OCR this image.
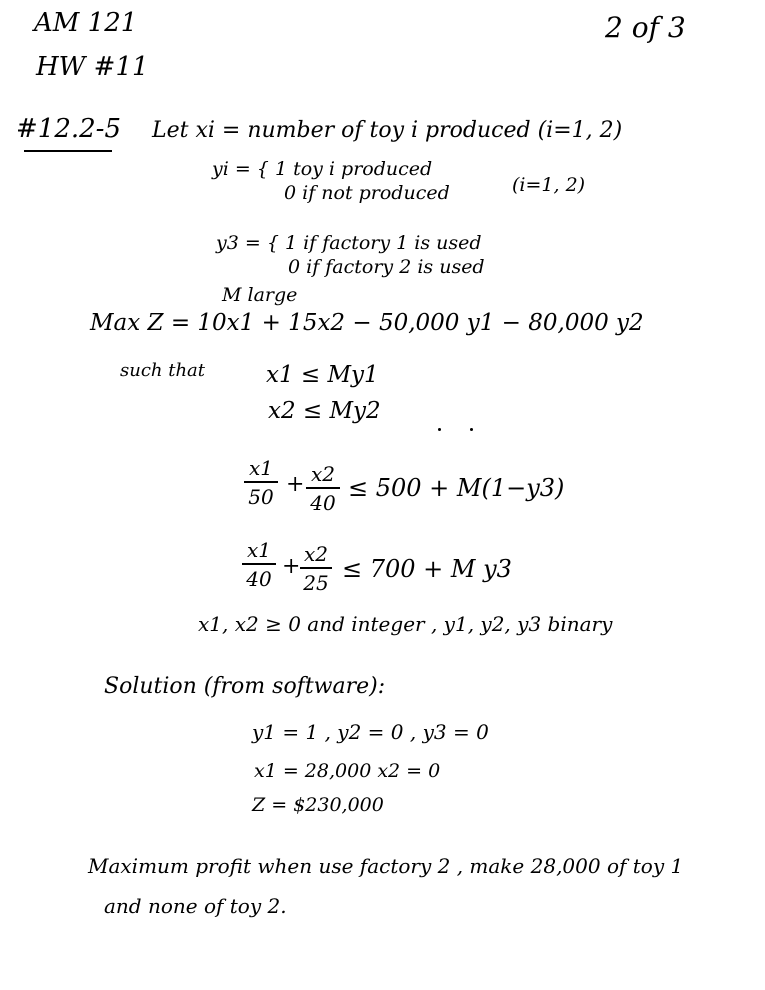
AM 121
HW #11
2 of 3
#12.2-5 Let xi = number of toy i produced (i=1, 2)
yi = { 1 toy i produced
0 if not produced	(i=1, 2)
y3 = { 1 if factory 1 is used
0 if factory 2 is used
M large
Max Z = 10x1 + 15x2 − 50,000 y1 − 80,000 y2
such that	x1 ≤ My1
x2 ≤ My2
x1
50 + x2
40
≤ 500 + M(1−y3)
x1
40 + x2
25 ≤ 700 + M y3
x1, x2 ≥ 0 and integer , y1, y2, y3 binary
Solution (from software):
y1 = 1 , y2 = 0 , y3 = 0
x1 = 28,000 x2 = 0
Z = $230,000
Maximum profit when use factory 2 , make 28,000 of toy 1
and none of toy 2.
